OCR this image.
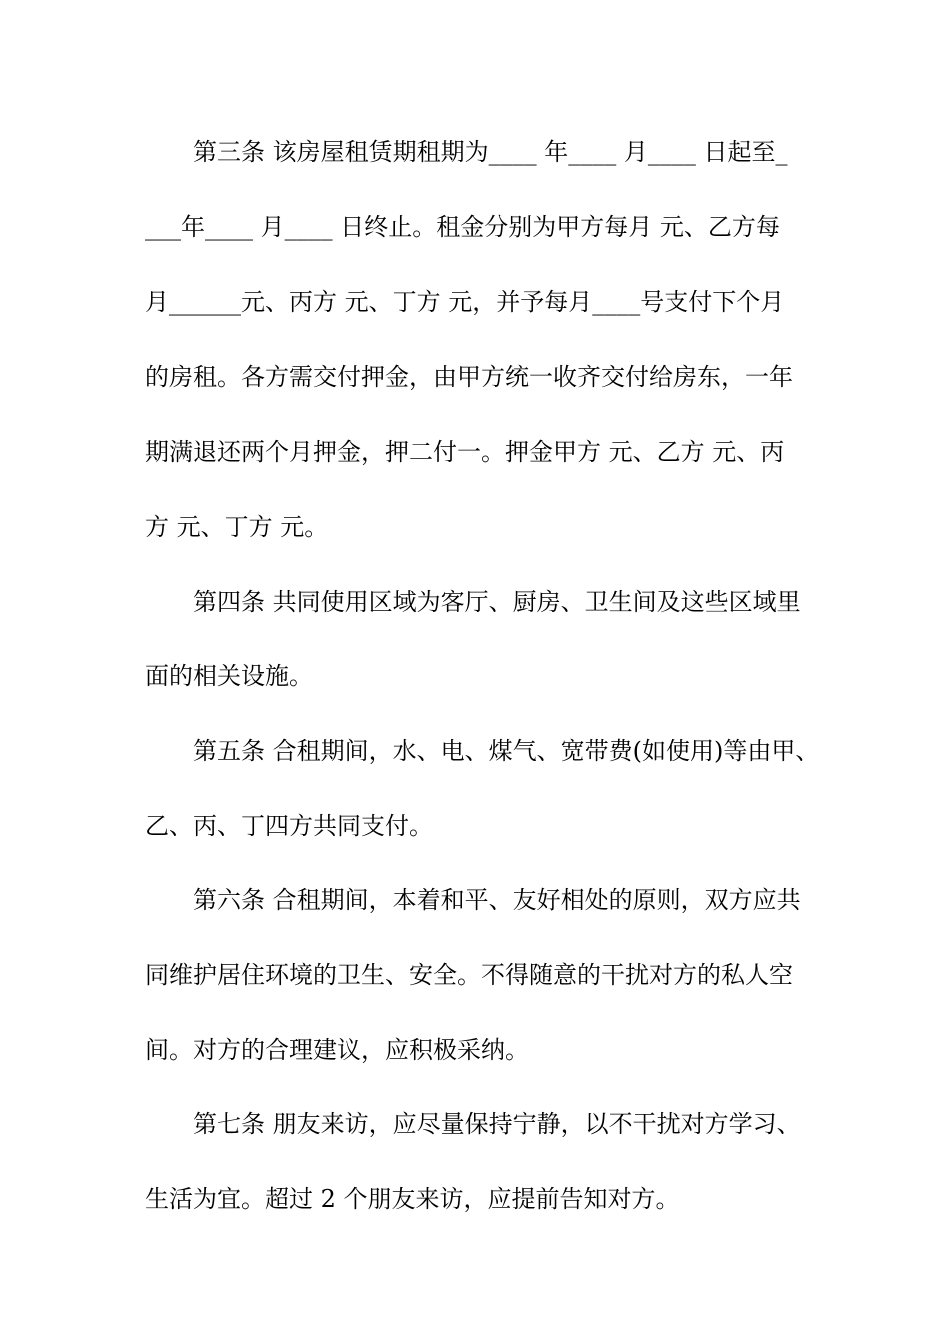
第三条 该房屋租赁期租期为____ 年____ 月____ 日起至_

___年____ 月____ 日终止。租金分别为甲方每月 元、乙方每

月______元、丙方 元、丁方 元，并予每月____号支付下个月

的房租。各方需交付押金，由甲方统一收齐交付给房东，一年

期满退还两个月押金，押二付一。押金甲方 元、乙方 元、丙

方 元、丁方 元。

第四条 共同使用区域为客厅、厨房、卫生间及这些区域里

面的相关设施。

第五条 合租期间，水、电、煤气、宽带费(如使用)等由甲、

乙、丙、丁四方共同支付。

第六条 合租期间，本着和平、友好相处的原则，双方应共

同维护居住环境的卫生、安全。不得随意的干扰对方的私人空

间。对方的合理建议，应积极采纳。

第七条 朋友来访，应尽量保持宁静，以不干扰对方学习、

生活为宜。超过 2 个朋友来访，应提前告知对方。
